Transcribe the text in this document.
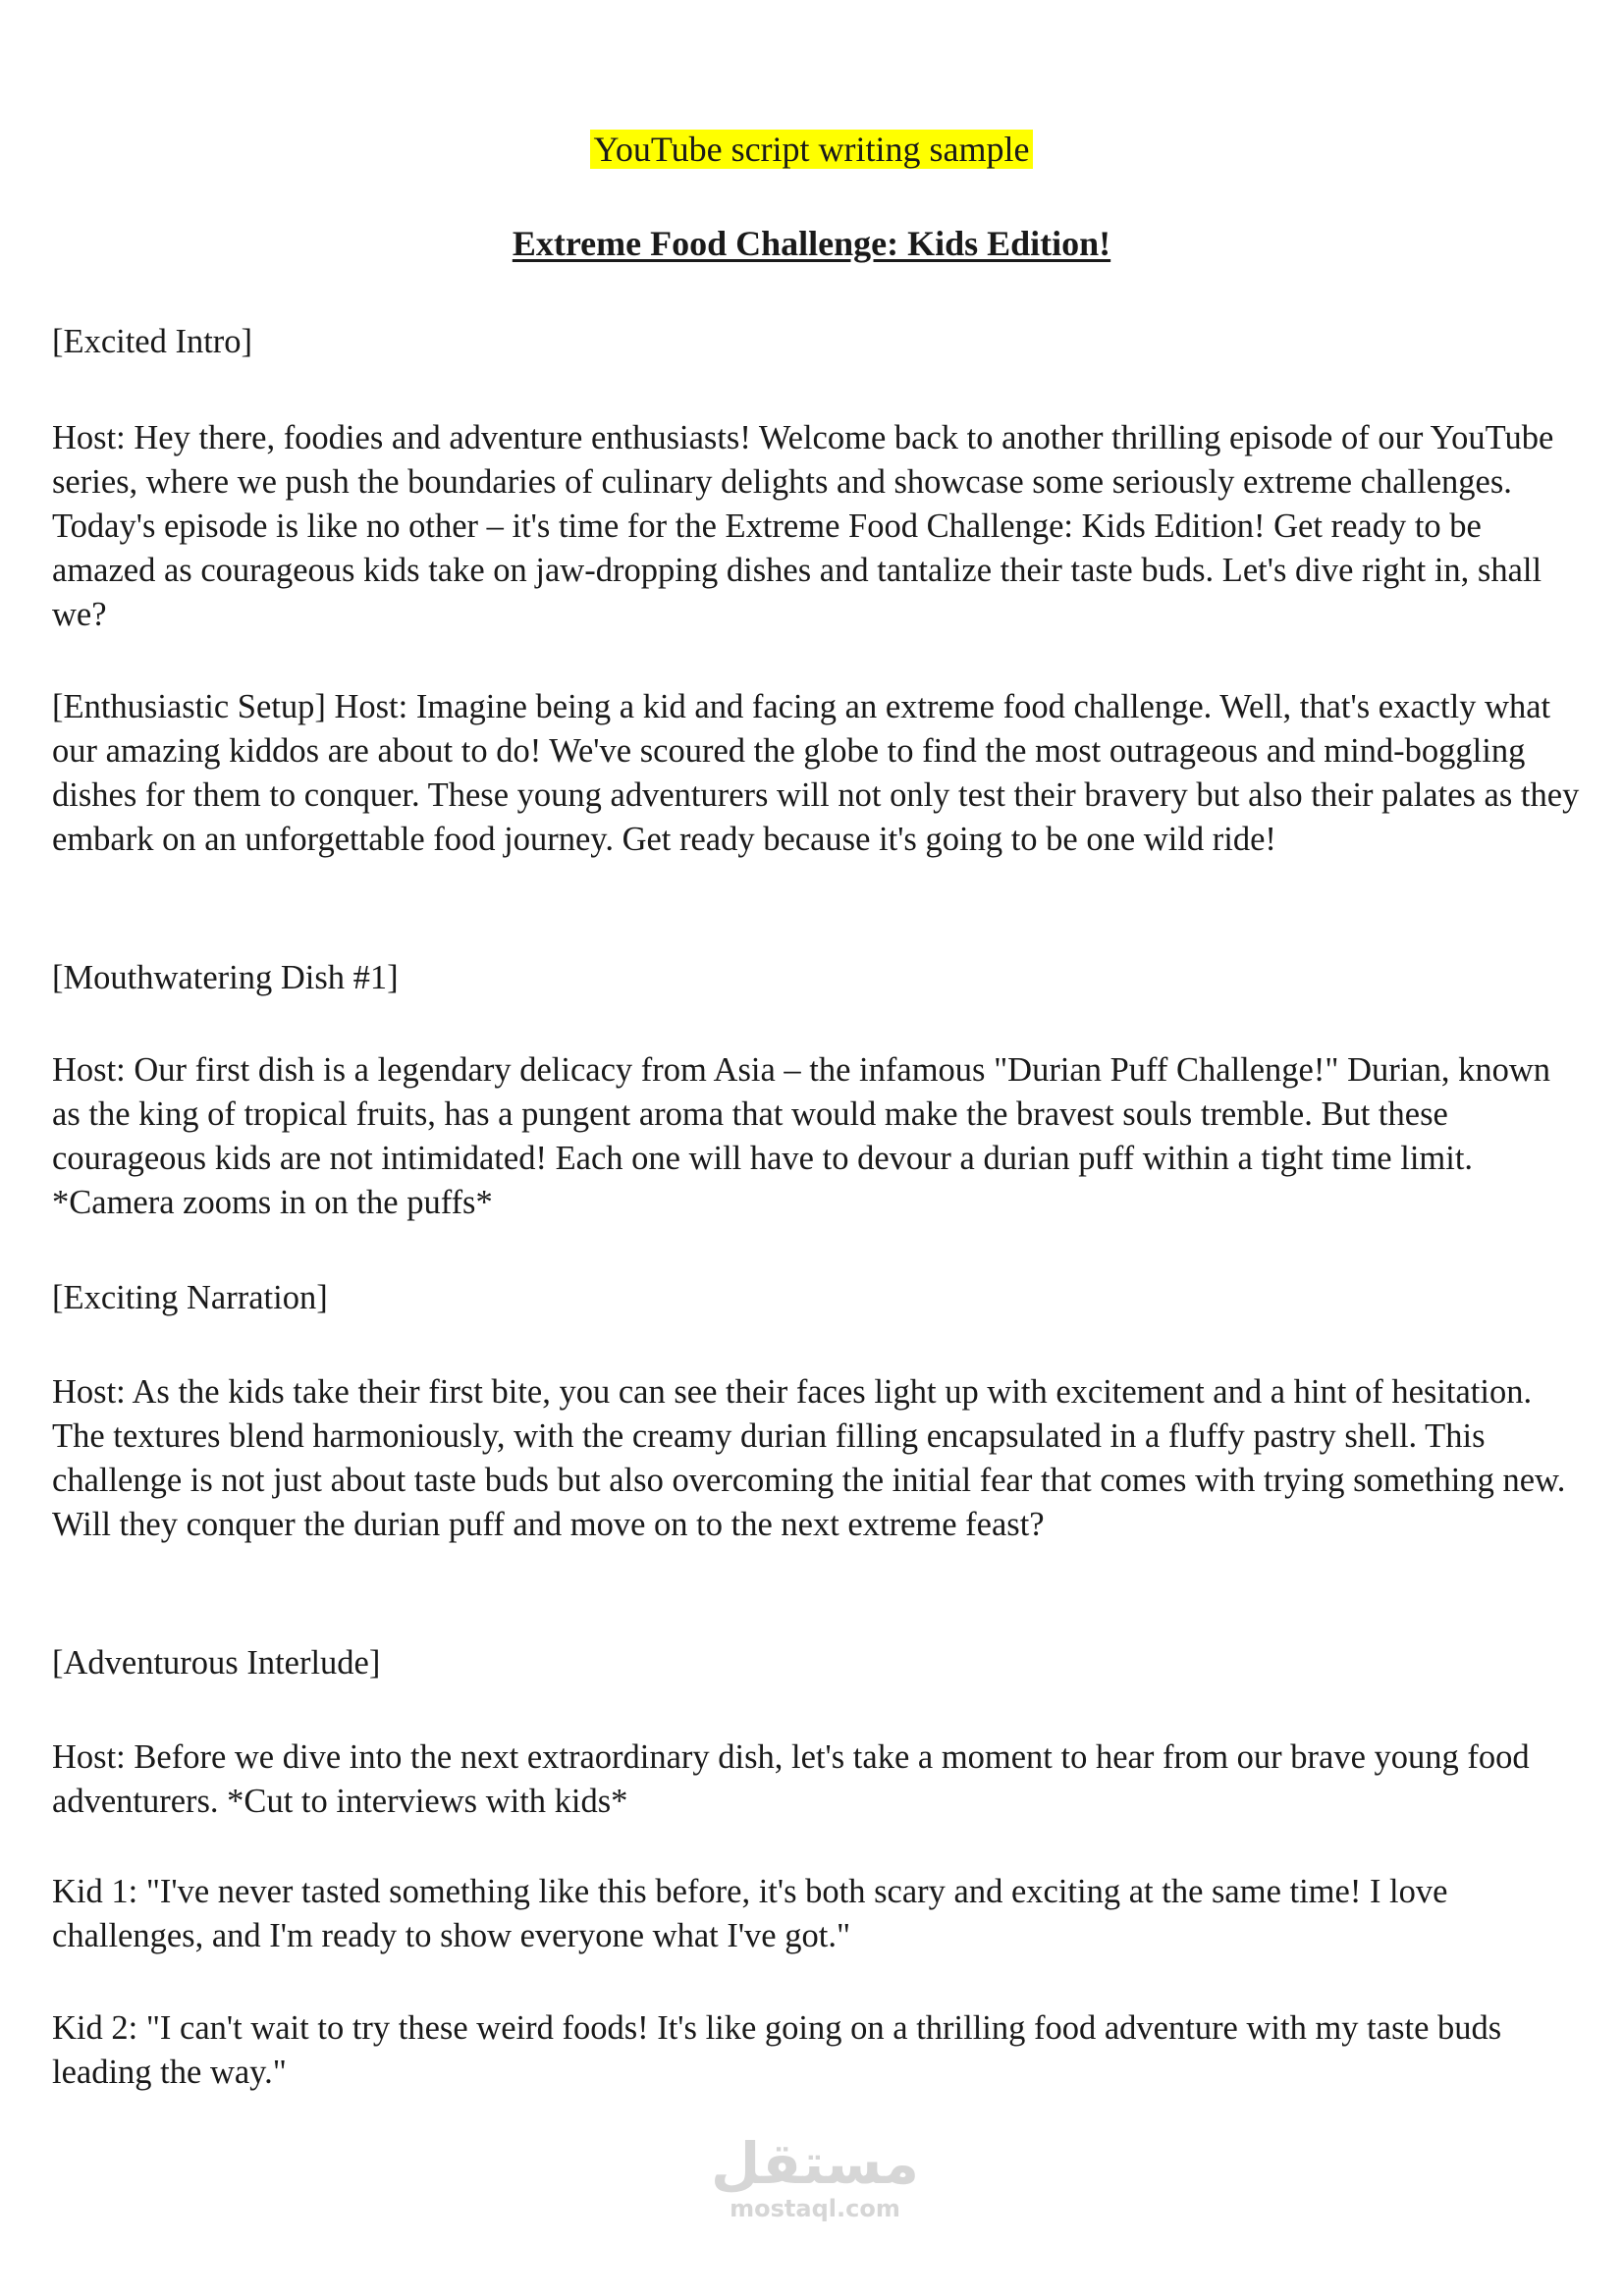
YouTube script writing sample
Extreme Food Challenge: Kids Edition!

[Excited Intro]

Host: Hey there, foodies and adventure enthusiasts! Welcome back to another thrilling episode of our YouTube series, where we push the boundaries of culinary delights and showcase some seriously extreme challenges. Today's episode is like no other – it's time for the Extreme Food Challenge: Kids Edition! Get ready to be amazed as courageous kids take on jaw-dropping dishes and tantalize their taste buds. Let's dive right in, shall we?

[Enthusiastic Setup] Host: Imagine being a kid and facing an extreme food challenge. Well, that's exactly what our amazing kiddos are about to do! We've scoured the globe to find the most outrageous and mind-boggling dishes for them to conquer. These young adventurers will not only test their bravery but also their palates as they embark on an unforgettable food journey. Get ready because it's going to be one wild ride!

[Mouthwatering Dish #1]

Host: Our first dish is a legendary delicacy from Asia – the infamous "Durian Puff Challenge!" Durian, known as the king of tropical fruits, has a pungent aroma that would make the bravest souls tremble. But these courageous kids are not intimidated! Each one will have to devour a durian puff within a tight time limit. *Camera zooms in on the puffs*

[Exciting Narration]

Host: As the kids take their first bite, you can see their faces light up with excitement and a hint of hesitation. The textures blend harmoniously, with the creamy durian filling encapsulated in a fluffy pastry shell. This challenge is not just about taste buds but also overcoming the initial fear that comes with trying something new. Will they conquer the durian puff and move on to the next extreme feast?

[Adventurous Interlude]

Host: Before we dive into the next extraordinary dish, let's take a moment to hear from our brave young food adventurers. *Cut to interviews with kids*

Kid 1: "I've never tasted something like this before, it's both scary and exciting at the same time! I love challenges, and I'm ready to show everyone what I've got."

Kid 2: "I can't wait to try these weird foods! It's like going on a thrilling food adventure with my taste buds leading the way."

مستقل
mostaql.com
